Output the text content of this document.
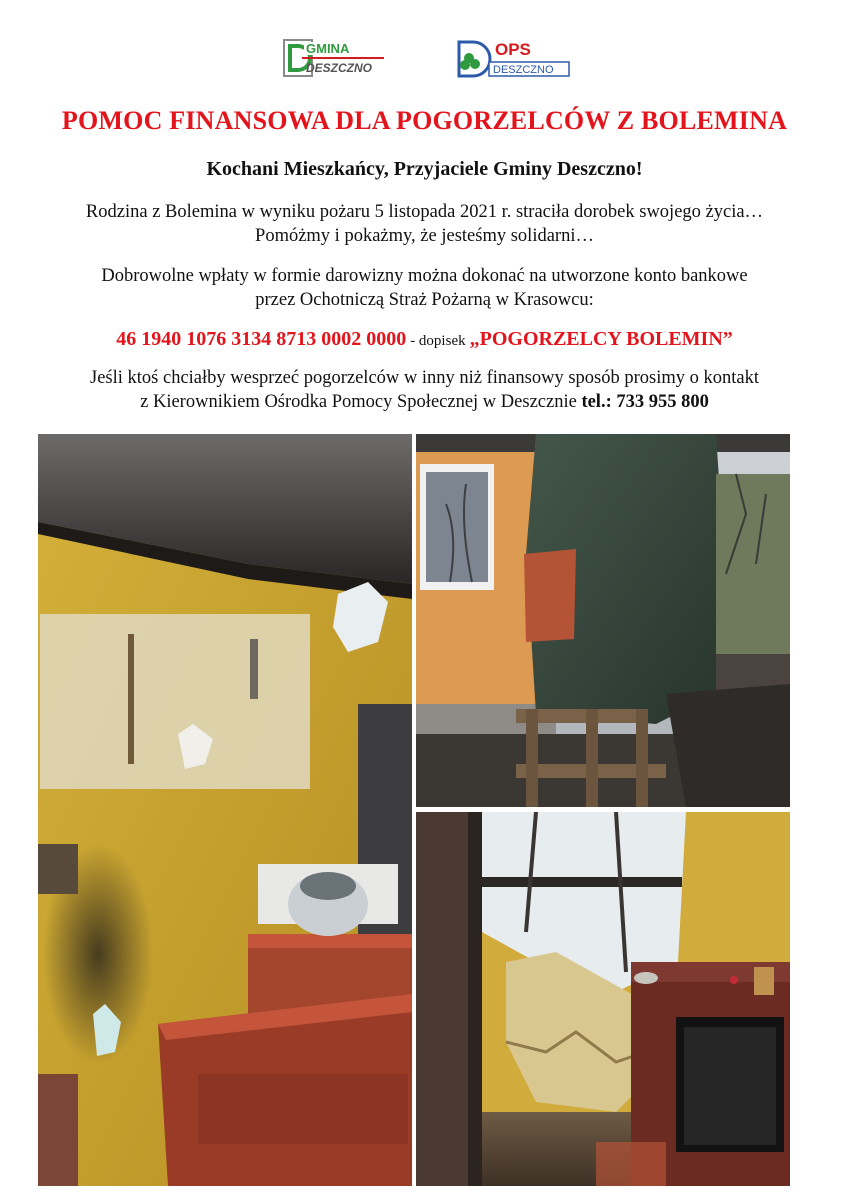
GMINA
DESZCZNO
OPS
DESZCZNO
POMOC FINANSOWA DLA POGORZELCÓW Z BOLEMINA
Kochani Mieszkańcy, Przyjaciele Gminy Deszczno!
Rodzina z Bolemina w wyniku pożaru 5 listopada 2021 r. straciła dorobek swojego życia…
Pomóżmy i pokażmy, że jesteśmy solidarni…
Dobrowolne wpłaty w formie darowizny można dokonać na utworzone konto bankowe
przez Ochotniczą Straż Pożarną w Krasowcu:
46 1940 1076 3134 8713 0002 0000 - dopisek „POGORZELCY BOLEMIN”
Jeśli ktoś chciałby wesprzeć pogorzelców w inny niż finansowy sposób prosimy o kontakt
z Kierownikiem Ośrodka Pomocy Społecznej w Deszcznie tel.: 733 955 800
